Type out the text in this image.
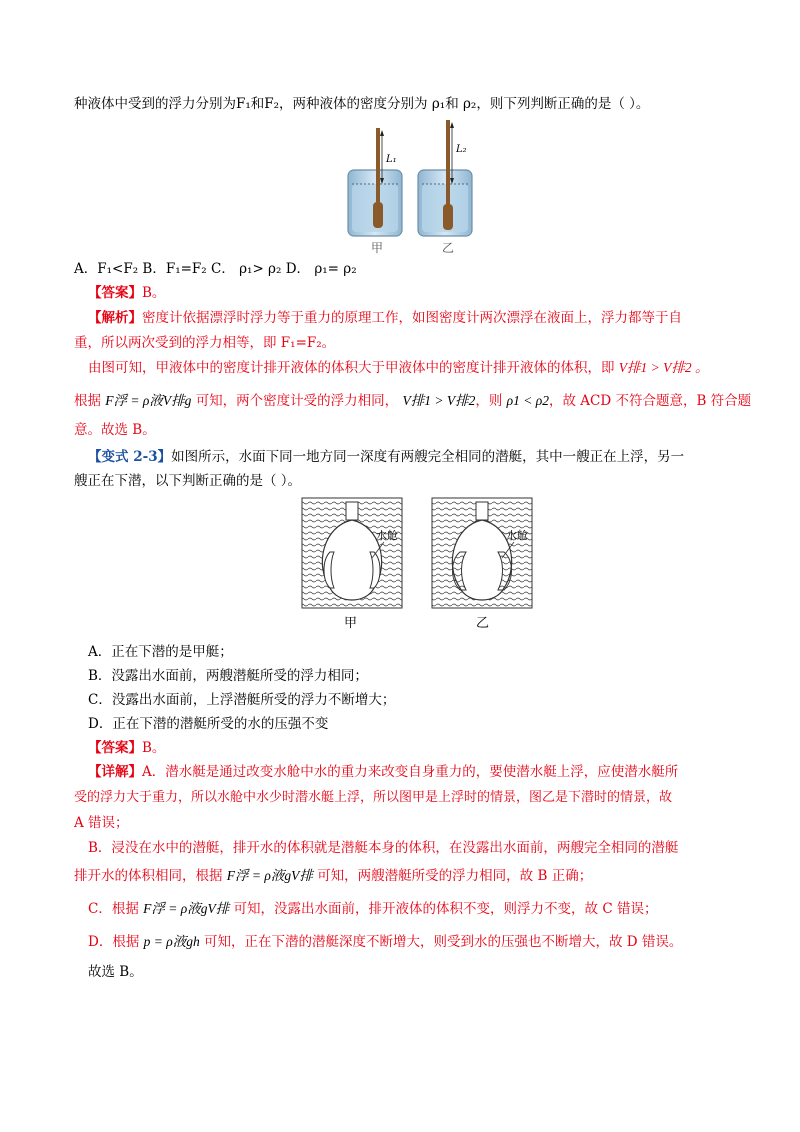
种液体中受到的浮力分别为F₁和F₂，两种液体的密度分别为 ρ₁和 ρ₂，则下列判断正确的是（ ）。
L₁
L₂
甲	乙
A．F₁<F₂ B．F₁=F₂ C． ρ₁> ρ₂ D． ρ₁= ρ₂
【答案】B。
【解析】密度计依据漂浮时浮力等于重力的原理工作，如图密度计两次漂浮在液面上，浮力都等于自
重，所以两次受到的浮力相等，即 F₁=F₂。
由图可知，甲液体中的密度计排开液体的体积大于甲液体中的密度计排开液体的体积，即 V排1 > V排2 。
根据 F浮 = ρ液V排g 可知，两个密度计受的浮力相同， V排1 > V排2，则 ρ1 < ρ2，故 ACD 不符合题意，B 符合题
意。故选 B。
【变式 2-3】如图所示，水面下同一地方同一深度有两艘完全相同的潜艇，其中一艘正在上浮，另一
艘正在下潜，以下判断正确的是（ ）。
水舱	水舱
甲	乙
A．正在下潜的是甲艇；
B．没露出水面前，两艘潜艇所受的浮力相同；
C．没露出水面前，上浮潜艇所受的浮力不断增大；
D．正在下潜的潜艇所受的水的压强不变
【答案】B。
【详解】A．潜水艇是通过改变水舱中水的重力来改变自身重力的，要使潜水艇上浮，应使潜水艇所
受的浮力大于重力，所以水舱中水少时潜水艇上浮，所以图甲是上浮时的情景，图乙是下潜时的情景，故
A 错误；
B．浸没在水中的潜艇，排开水的体积就是潜艇本身的体积，在没露出水面前，两艘完全相同的潜艇
排开水的体积相同，根据 F浮 = ρ液gV排 可知，两艘潜艇所受的浮力相同，故 B 正确；
C．根据 F浮 = ρ液gV排 可知，没露出水面前，排开液体的体积不变，则浮力不变，故 C 错误；
D．根据 p = ρ液gh 可知，正在下潜的潜艇深度不断增大，则受到水的压强也不断增大，故 D 错误。
故选 B。
